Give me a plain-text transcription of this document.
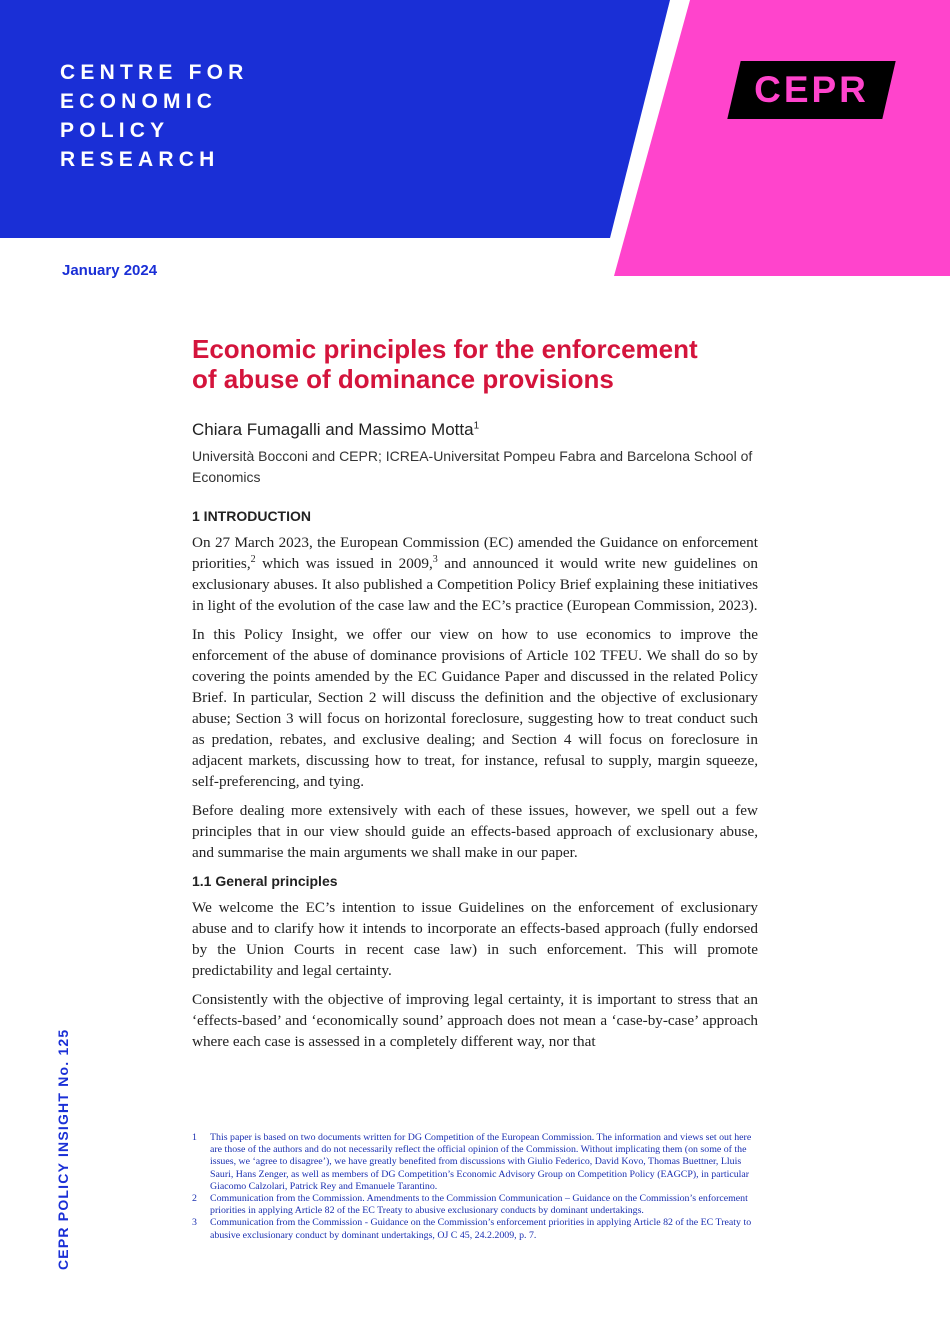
CENTRE FOR
ECONOMIC
POLICY
RESEARCH
CEPR
January 2024
CEPR POLICY INSIGHT No. 125
Economic principles for the enforcement
of abuse of dominance provisions
Chiara Fumagalli and Massimo Motta$^1$
Università Bocconi and CEPR; ICREA-Universitat Pompeu Fabra and Barcelona School of Economics
1 INTRODUCTION

On 27 March 2023, the European Commission (EC) amended the Guidance on enforcement priorities,$^2$ which was issued in 2009,$^3$ and announced it would write new guidelines on exclusionary abuses. It also published a Competition Policy Brief explaining these initiatives in light of the evolution of the case law and the EC’s practice (European Commission, 2023).

In this Policy Insight, we offer our view on how to use economics to improve the enforcement of the abuse of dominance provisions of Article 102 TFEU. We shall do so by covering the points amended by the EC Guidance Paper and discussed in the related Policy Brief. In particular, Section 2 will discuss the definition and the objective of exclusionary abuse; Section 3 will focus on horizontal foreclosure, suggesting how to treat conduct such as predation, rebates, and exclusive dealing; and Section 4 will focus on foreclosure in adjacent markets, discussing how to treat, for instance, refusal to supply, margin squeeze, self-preferencing, and tying.

Before dealing more extensively with each of these issues, however, we spell out a few principles that in our view should guide an effects-based approach of exclusionary abuse, and summarise the main arguments we shall make in our paper.

1.1 General principles

We welcome the EC’s intention to issue Guidelines on the enforcement of exclusionary abuse and to clarify how it intends to incorporate an effects-based approach (fully endorsed by the Union Courts in recent case law) in such enforcement. This will promote predictability and legal certainty.

Consistently with the objective of improving legal certainty, it is important to stress that an ‘effects-based’ and ‘economically sound’ approach does not mean a ‘case-by-case’ approach where each case is assessed in a completely different way, nor that

1	This paper is based on two documents written for DG Competition of the European Commission. The information and views set out here are those of the authors and do not necessarily reflect the official opinion of the Commission. Without implicating them (on some of the issues, we ‘agree to disagree’), we have greatly benefited from discussions with Giulio Federico, David Kovo, Thomas Buettner, Lluis Sauri, Hans Zenger, as well as members of DG Competition’s Economic Advisory Group on Competition Policy (EAGCP), in particular Giacomo Calzolari, Patrick Rey and Emanuele Tarantino.
2	Communication from the Commission. Amendments to the Commission Communication – Guidance on the Commission’s enforcement priorities in applying Article 82 of the EC Treaty to abusive exclusionary conducts by dominant undertakings.
3	Communication from the Commission - Guidance on the Commission’s enforcement priorities in applying Article 82 of the EC Treaty to abusive exclusionary conduct by dominant undertakings, OJ C 45, 24.2.2009, p. 7.
